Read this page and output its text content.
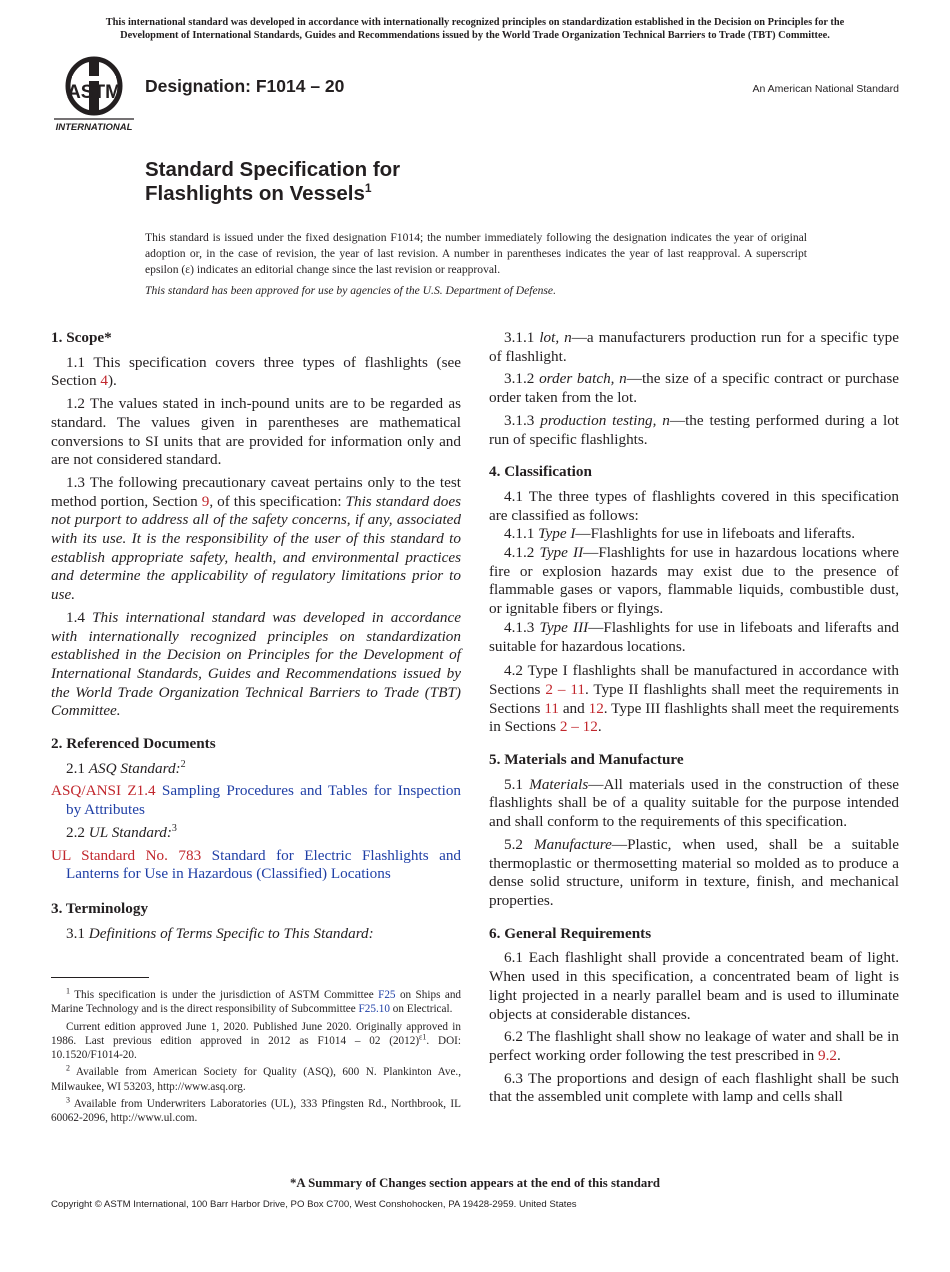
This international standard was developed in accordance with internationally recognized principles on standardization established in the Decision on Principles for the
Development of International Standards, Guides and Recommendations issued by the World Trade Organization Technical Barriers to Trade (TBT) Committee.
ASTM
INTERNATIONAL
Designation: F1014 – 20	An American National Standard
Standard Specification for
Flashlights on Vessels$^1$
This standard is issued under the fixed designation F1014; the number immediately following the designation indicates the year of original adoption or, in the case of revision, the year of last revision. A number in parentheses indicates the year of last reapproval. A superscript epsilon (ε) indicates an editorial change since the last revision or reapproval.
This standard has been approved for use by agencies of the U.S. Department of Defense.
1. Scope*

1.1 This specification covers three types of flashlights (see Section 4).

1.2 The values stated in inch-pound units are to be regarded as standard. The values given in parentheses are mathematical conversions to SI units that are provided for information only and are not considered standard.

1.3 The following precautionary caveat pertains only to the test method portion, Section 9, of this specification: This standard does not purport to address all of the safety concerns, if any, associated with its use. It is the responsibility of the user of this standard to establish appropriate safety, health, and environmental practices and determine the applicability of regulatory limitations prior to use.

1.4 This international standard was developed in accordance with internationally recognized principles on standardization established in the Decision on Principles for the Development of International Standards, Guides and Recommendations issued by the World Trade Organization Technical Barriers to Trade (TBT) Committee.

2. Referenced Documents

2.1 ASQ Standard:$^2$

ASQ/ANSI Z1.4 Sampling Procedures and Tables for Inspection by Attributes

2.2 UL Standard:$^3$

UL Standard No. 783 Standard for Electric Flashlights and Lanterns for Use in Hazardous (Classified) Locations

3. Terminology

3.1 Definitions of Terms Specific to This Standard:

3.1.1 lot, n—a manufacturers production run for a specific type of flashlight.

3.1.2 order batch, n—the size of a specific contract or purchase order taken from the lot.

3.1.3 production testing, n—the testing performed during a lot run of specific flashlights.

4. Classification

4.1 The three types of flashlights covered in this specification are classified as follows:

4.1.1 Type I—Flashlights for use in lifeboats and liferafts.

4.1.2 Type II—Flashlights for use in hazardous locations where fire or explosion hazards may exist due to the presence of flammable gases or vapors, flammable liquids, combustible dust, or ignitable fibers or flyings.

4.1.3 Type III—Flashlights for use in lifeboats and liferafts and suitable for hazardous locations.

4.2 Type I flashlights shall be manufactured in accordance with Sections 2 – 11. Type II flashlights shall meet the requirements in Sections 11 and 12. Type III flashlights shall meet the requirements in Sections 2 – 12.

5. Materials and Manufacture

5.1 Materials—All materials used in the construction of these flashlights shall be of a quality suitable for the purpose intended and shall conform to the requirements of this specification.

5.2 Manufacture—Plastic, when used, shall be a suitable thermoplastic or thermosetting material so molded as to produce a dense solid structure, uniform in texture, finish, and mechanical properties.

6. General Requirements

6.1 Each flashlight shall provide a concentrated beam of light. When used in this specification, a concentrated beam of light is light projected in a nearly parallel beam and is used to illuminate objects at considerable distances.

6.2 The flashlight shall show no leakage of water and shall be in perfect working order following the test prescribed in 9.2.

6.3 The proportions and design of each flashlight shall be such that the assembled unit complete with lamp and cells shall

$^1$ This specification is under the jurisdiction of ASTM Committee F25 on Ships and Marine Technology and is the direct responsibility of Subcommittee F25.10 on Electrical.

Current edition approved June 1, 2020. Published June 2020. Originally approved in 1986. Last previous edition approved in 2012 as F1014 – 02 $(2012)^{\varepsilon 1}$. DOI: 10.1520/F1014-20.

$^2$ Available from American Society for Quality (ASQ), 600 N. Plankinton Ave., Milwaukee, WI 53203, http://www.asq.org.

$^3$ Available from Underwriters Laboratories (UL), 333 Pfingsten Rd., Northbrook, IL 60062-2096, http://www.ul.com.

*A Summary of Changes section appears at the end of this standard
Copyright © ASTM International, 100 Barr Harbor Drive, PO Box C700, West Conshohocken, PA 19428-2959. United States
